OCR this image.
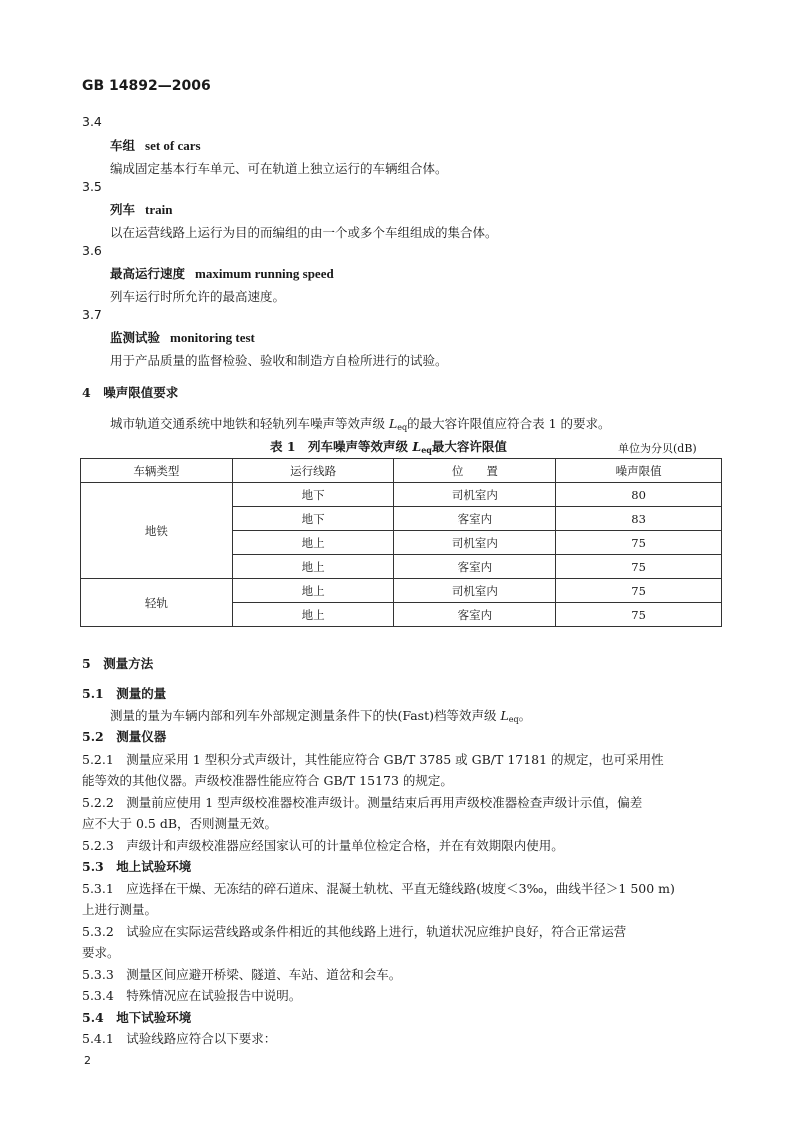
GB 14892—2006
3.4
车组 set of cars
编成固定基本行车单元、可在轨道上独立运行的车辆组合体。
3.5
列车 train
以在运营线路上运行为目的而编组的由一个或多个车组组成的集合体。
3.6
最高运行速度 maximum running speed
列车运行时所允许的最高速度。
3.7
监测试验 monitoring test
用于产品质量的监督检验、验收和制造方自检所进行的试验。
4　噪声限值要求
城市轨道交通系统中地铁和轻轨列车噪声等效声级 $L_{eq}$的最大容许限值应符合表 1 的要求。
表 1　列车噪声等效声级 $L_{eq}$最大容许限值	单位为分贝(dB)
车辆类型	运行线路	位　　置	噪声限值
地铁	地下	司机室内	80
	地下	客室内	83
	地上	司机室内	75
	地上	客室内	75
轻轨	地上	司机室内	75
	地上	客室内	75
5　测量方法
5.1　测量的量
测量的量为车辆内部和列车外部规定测量条件下的快(Fast)档等效声级 $L_{eq}$。
5.2　测量仪器
5.2.1　测量应采用 1 型积分式声级计，其性能应符合 GB/T 3785 或 GB/T 17181 的规定，也可采用性
能等效的其他仪器。声级校准器性能应符合 GB/T 15173 的规定。
5.2.2　测量前应使用 1 型声级校准器校准声级计。测量结束后再用声级校准器检查声级计示值，偏差
应不大于 0.5 dB，否则测量无效。
5.2.3　声级计和声级校准器应经国家认可的计量单位检定合格，并在有效期限内使用。
5.3　地上试验环境
5.3.1　应选择在干燥、无冻结的碎石道床、混凝土轨枕、平直无缝线路(坡度＜3‰，曲线半径＞1 500 m)
上进行测量。
5.3.2　试验应在实际运营线路或条件相近的其他线路上进行，轨道状况应维护良好，符合正常运营
要求。
5.3.3　测量区间应避开桥梁、隧道、车站、道岔和会车。
5.3.4　特殊情况应在试验报告中说明。
5.4　地下试验环境
5.4.1　试验线路应符合以下要求：
2
